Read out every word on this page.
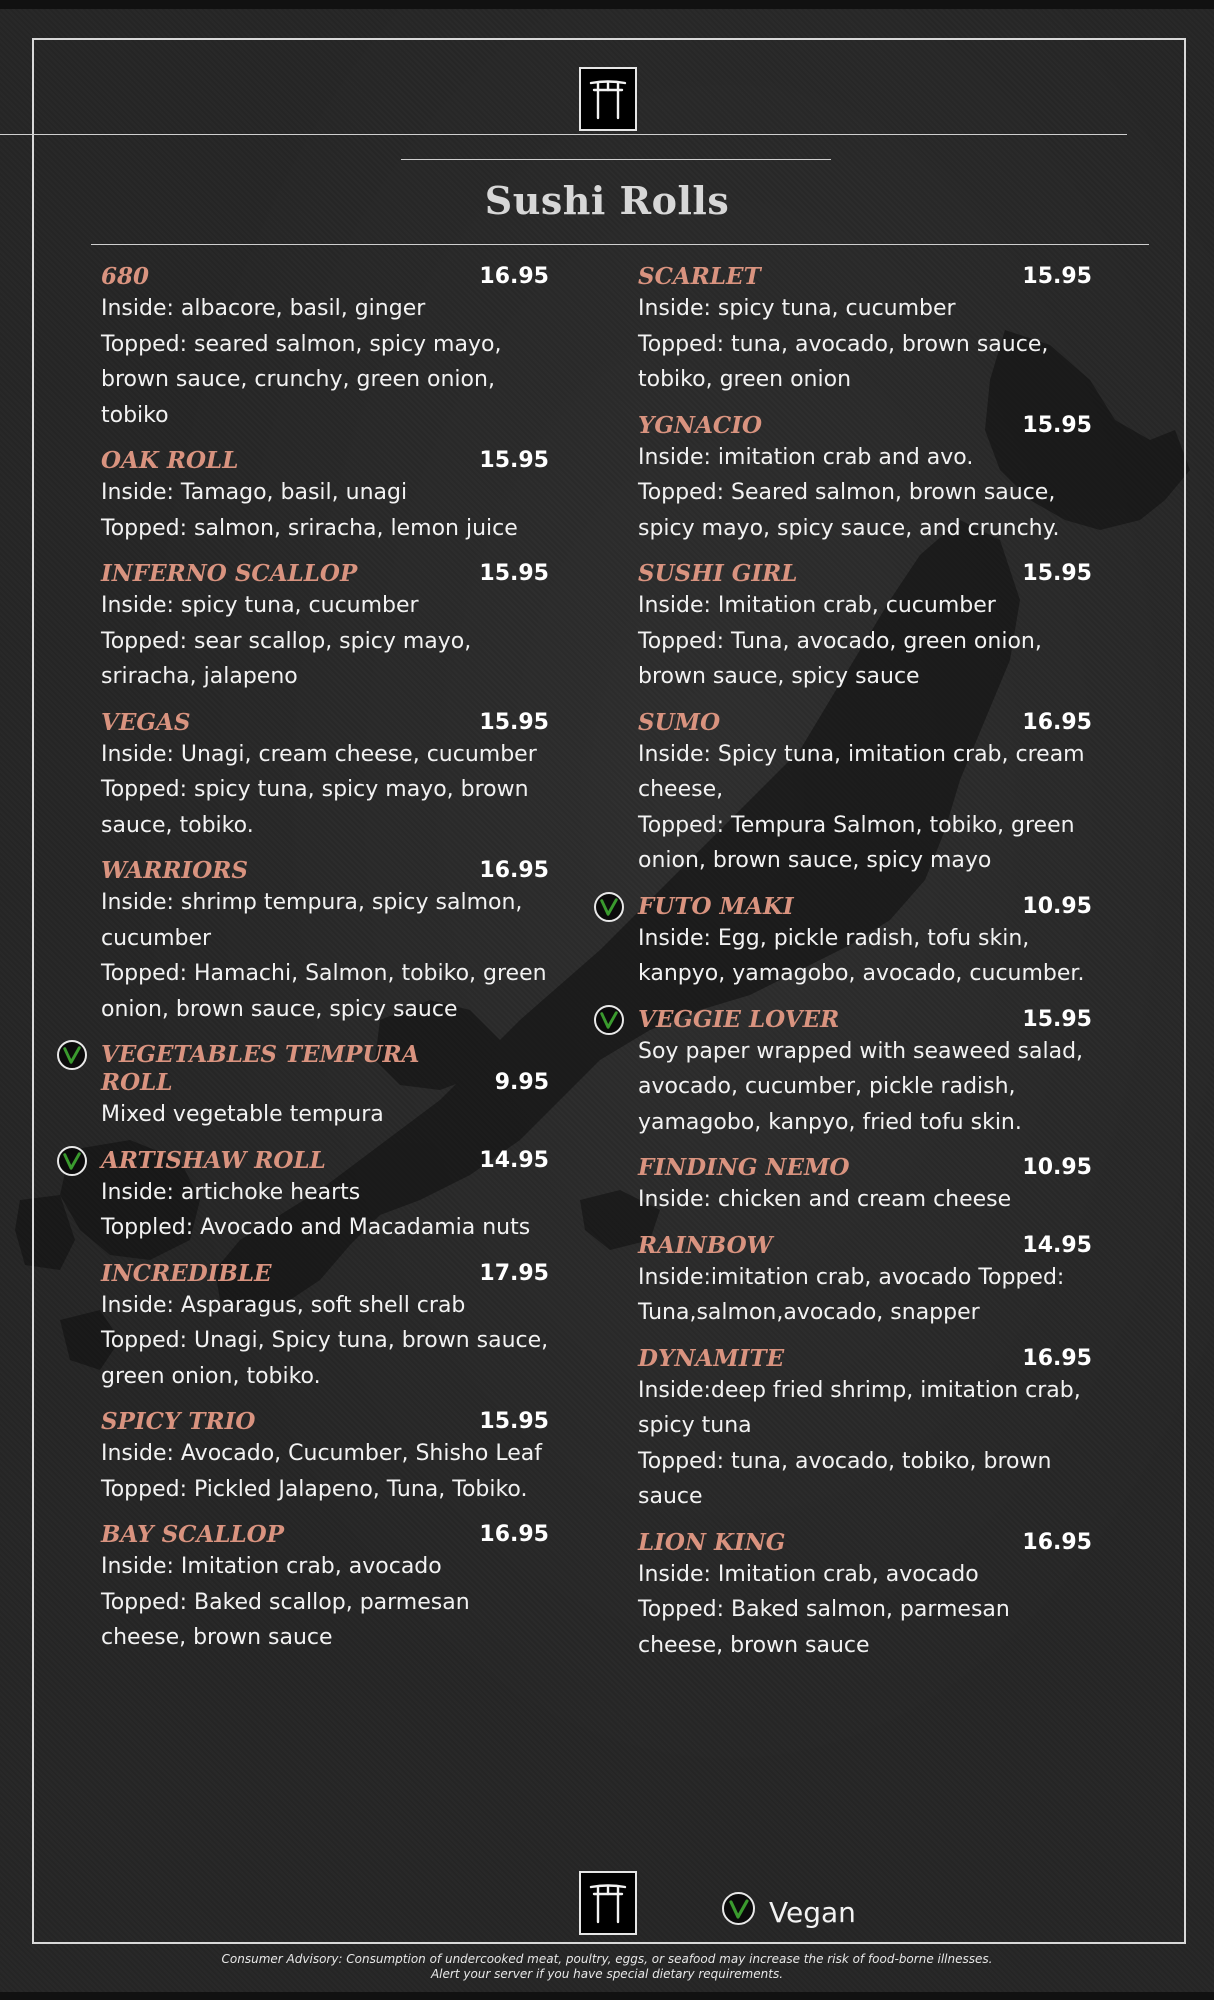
Sushi Rolls
680	16.95

Inside: albacore, basil, ginger

Topped: seared salmon, spicy mayo, brown sauce, crunchy, green onion, tobiko

OAK ROLL	15.95

Inside: Tamago, basil, unagi

Topped: salmon, sriracha, lemon juice

INFERNO SCALLOP	15.95

Inside: spicy tuna, cucumber

Topped: sear scallop, spicy mayo, sriracha, jalapeno

VEGAS	15.95

Inside: Unagi, cream cheese, cucumber

Topped: spicy tuna, spicy mayo, brown sauce, tobiko.

WARRIORS	16.95

Inside: shrimp tempura, spicy salmon, cucumber

Topped: Hamachi, Salmon, tobiko, green onion, brown sauce, spicy sauce

VEGETABLES TEMPURA ROLL	9.95

Mixed vegetable tempura

ARTISHAW ROLL	14.95

Inside: artichoke hearts

Toppled: Avocado and Macadamia nuts

INCREDIBLE	17.95

Inside: Asparagus, soft shell crab

Topped: Unagi, Spicy tuna, brown sauce, green onion, tobiko.

SPICY TRIO	15.95

Inside: Avocado, Cucumber, Shisho Leaf

Topped: Pickled Jalapeno, Tuna, Tobiko.

BAY SCALLOP	16.95

Inside: Imitation crab, avocado

Topped: Baked scallop, parmesan cheese, brown sauce

SCARLET	15.95

Inside: spicy tuna, cucumber

Topped: tuna, avocado, brown sauce, tobiko, green onion

YGNACIO	15.95

Inside: imitation crab and avo.

Topped: Seared salmon, brown sauce, spicy mayo, spicy sauce, and crunchy.

SUSHI GIRL	15.95

Inside: Imitation crab, cucumber

Topped: Tuna, avocado, green onion, brown sauce, spicy sauce

SUMO	16.95

Inside: Spicy tuna, imitation crab, cream cheese,

Topped: Tempura Salmon, tobiko, green onion, brown sauce, spicy mayo

FUTO MAKI	10.95

Inside: Egg, pickle radish, tofu skin, kanpyo, yamagobo, avocado, cucumber.

VEGGIE LOVER	15.95

Soy paper wrapped with seaweed salad, avocado, cucumber, pickle radish, yamagobo, kanpyo, fried tofu skin.

FINDING NEMO	10.95

Inside: chicken and cream cheese

RAINBOW	14.95

Inside:imitation crab, avocado Topped: Tuna,salmon,avocado, snapper

DYNAMITE	16.95

Inside:deep fried shrimp, imitation crab, spicy tuna

Topped: tuna, avocado, tobiko, brown sauce

LION KING	16.95

Inside: Imitation crab, avocado

Topped: Baked salmon, parmesan cheese, brown sauce

Vegan
Consumer Advisory: Consumption of undercooked meat, poultry, eggs, or seafood may increase the risk of food-borne illnesses.
Alert your server if you have special dietary requirements.
